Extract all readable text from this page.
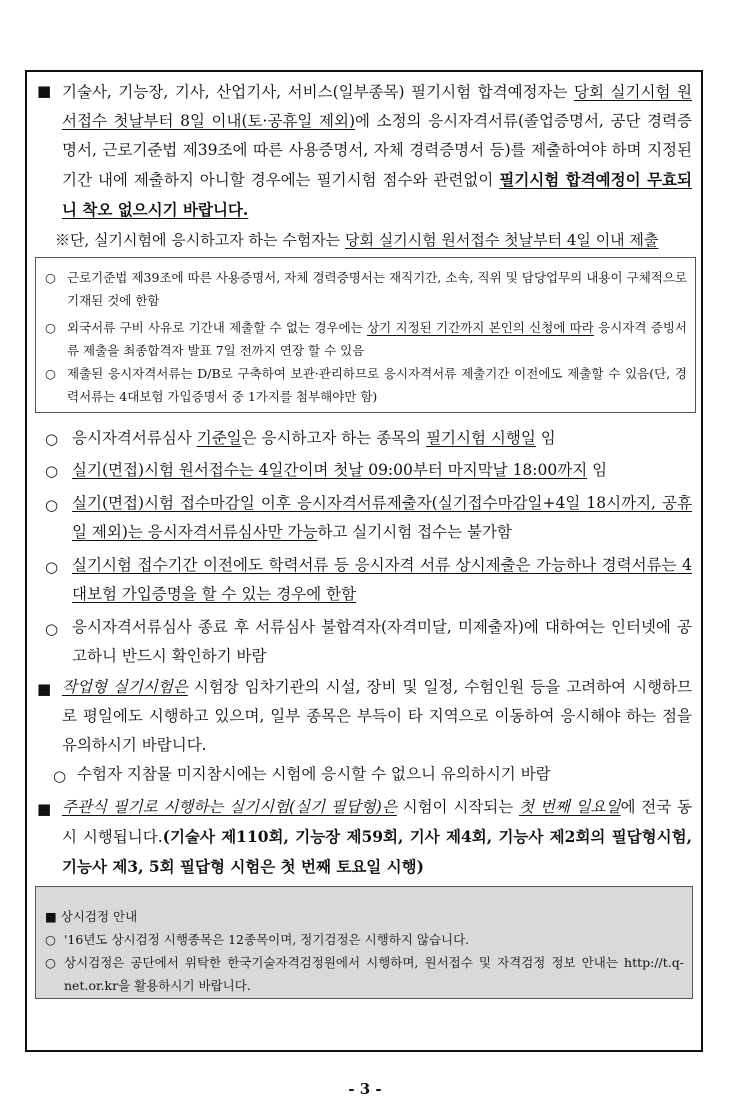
■ 기술사, 기능장, 기사, 산업기사, 서비스(일부종목) 필기시험 합격예정자는 당회 실기시험 원서접수 첫날부터 8일 이내(토·공휴일 제외)에 소정의 응시자격서류(졸업증명서, 공단 경력증명서, 근로기준법 제39조에 따른 사용증명서, 자체 경력증명서 등)를 제출하여야 하며 지정된 기간 내에 제출하지 아니할 경우에는 필기시험 점수와 관련없이 필기시험 합격예정이 무효되니 착오 없으시기 바랍니다.
※단, 실기시험에 응시하고자 하는 수험자는 당회 실기시험 원서접수 첫날부터 4일 이내 제출
○ 근로기준법 제39조에 따른 사용증명서, 자체 경력증명서는 재직기간, 소속, 직위 및 담당업무의 내용이 구체적으로 기재된 것에 한함
○ 외국서류 구비 사유로 기간내 제출할 수 없는 경우에는 상기 지정된 기간까지 본인의 신청에 따라 응시자격 증빙서류 제출을 최종합격자 발표 7일 전까지 연장 할 수 있음
○ 제출된 응시자격서류는 D/B로 구축하여 보관·관리하므로 응시자격서류 제출기간 이전에도 제출할 수 있음(단, 경력서류는 4대보험 가입증명서 중 1가지를 첨부해야만 함)
○ 응시자격서류심사 기준일은 응시하고자 하는 종목의 필기시험 시행일 임
○ 실기(면접)시험 원서접수는 4일간이며 첫날 09:00부터 마지막날 18:00까지 임
○ 실기(면접)시험 접수마감일 이후 응시자격서류제출자(실기접수마감일+4일 18시까지, 공휴일 제외)는 응시자격서류심사만 가능하고 실기시험 접수는 불가함
○ 실기시험 접수기간 이전에도 학력서류 등 응시자격 서류 상시제출은 가능하나 경력서류는 4대보험 가입증명을 할 수 있는 경우에 한함
○ 응시자격서류심사 종료 후 서류심사 불합격자(자격미달, 미제출자)에 대하여는 인터넷에 공고하니 반드시 확인하기 바람
■ 작업형 실기시험은 시험장 임차기관의 시설, 장비 및 일정, 수험인원 등을 고려하여 시행하므로 평일에도 시행하고 있으며, 일부 종목은 부득이 타 지역으로 이동하여 응시해야 하는 점을 유의하시기 바랍니다.
○ 수험자 지참물 미지참시에는 시험에 응시할 수 없으니 유의하시기 바람
■ 주관식 필기로 시행하는 실기시험(실기 필답형)은 시험이 시작되는 첫 번째 일요일에 전국 동시 시행됩니다.(기술사 제110회, 기능장 제59회, 기사 제4회, 기능사 제2회의 필답형시험, 기능사 제3, 5회 필답형 시험은 첫 번째 토요일 시행)
■ 상시검정 안내
○ '16년도 상시검정 시행종목은 12종목이며, 정기검정은 시행하지 않습니다.
○ 상시검정은 공단에서 위탁한 한국기술자격검정원에서 시행하며, 원서접수 및 자격검정 정보 안내는 http://t.q-net.or.kr을 활용하시기 바랍니다.
- 3 -
